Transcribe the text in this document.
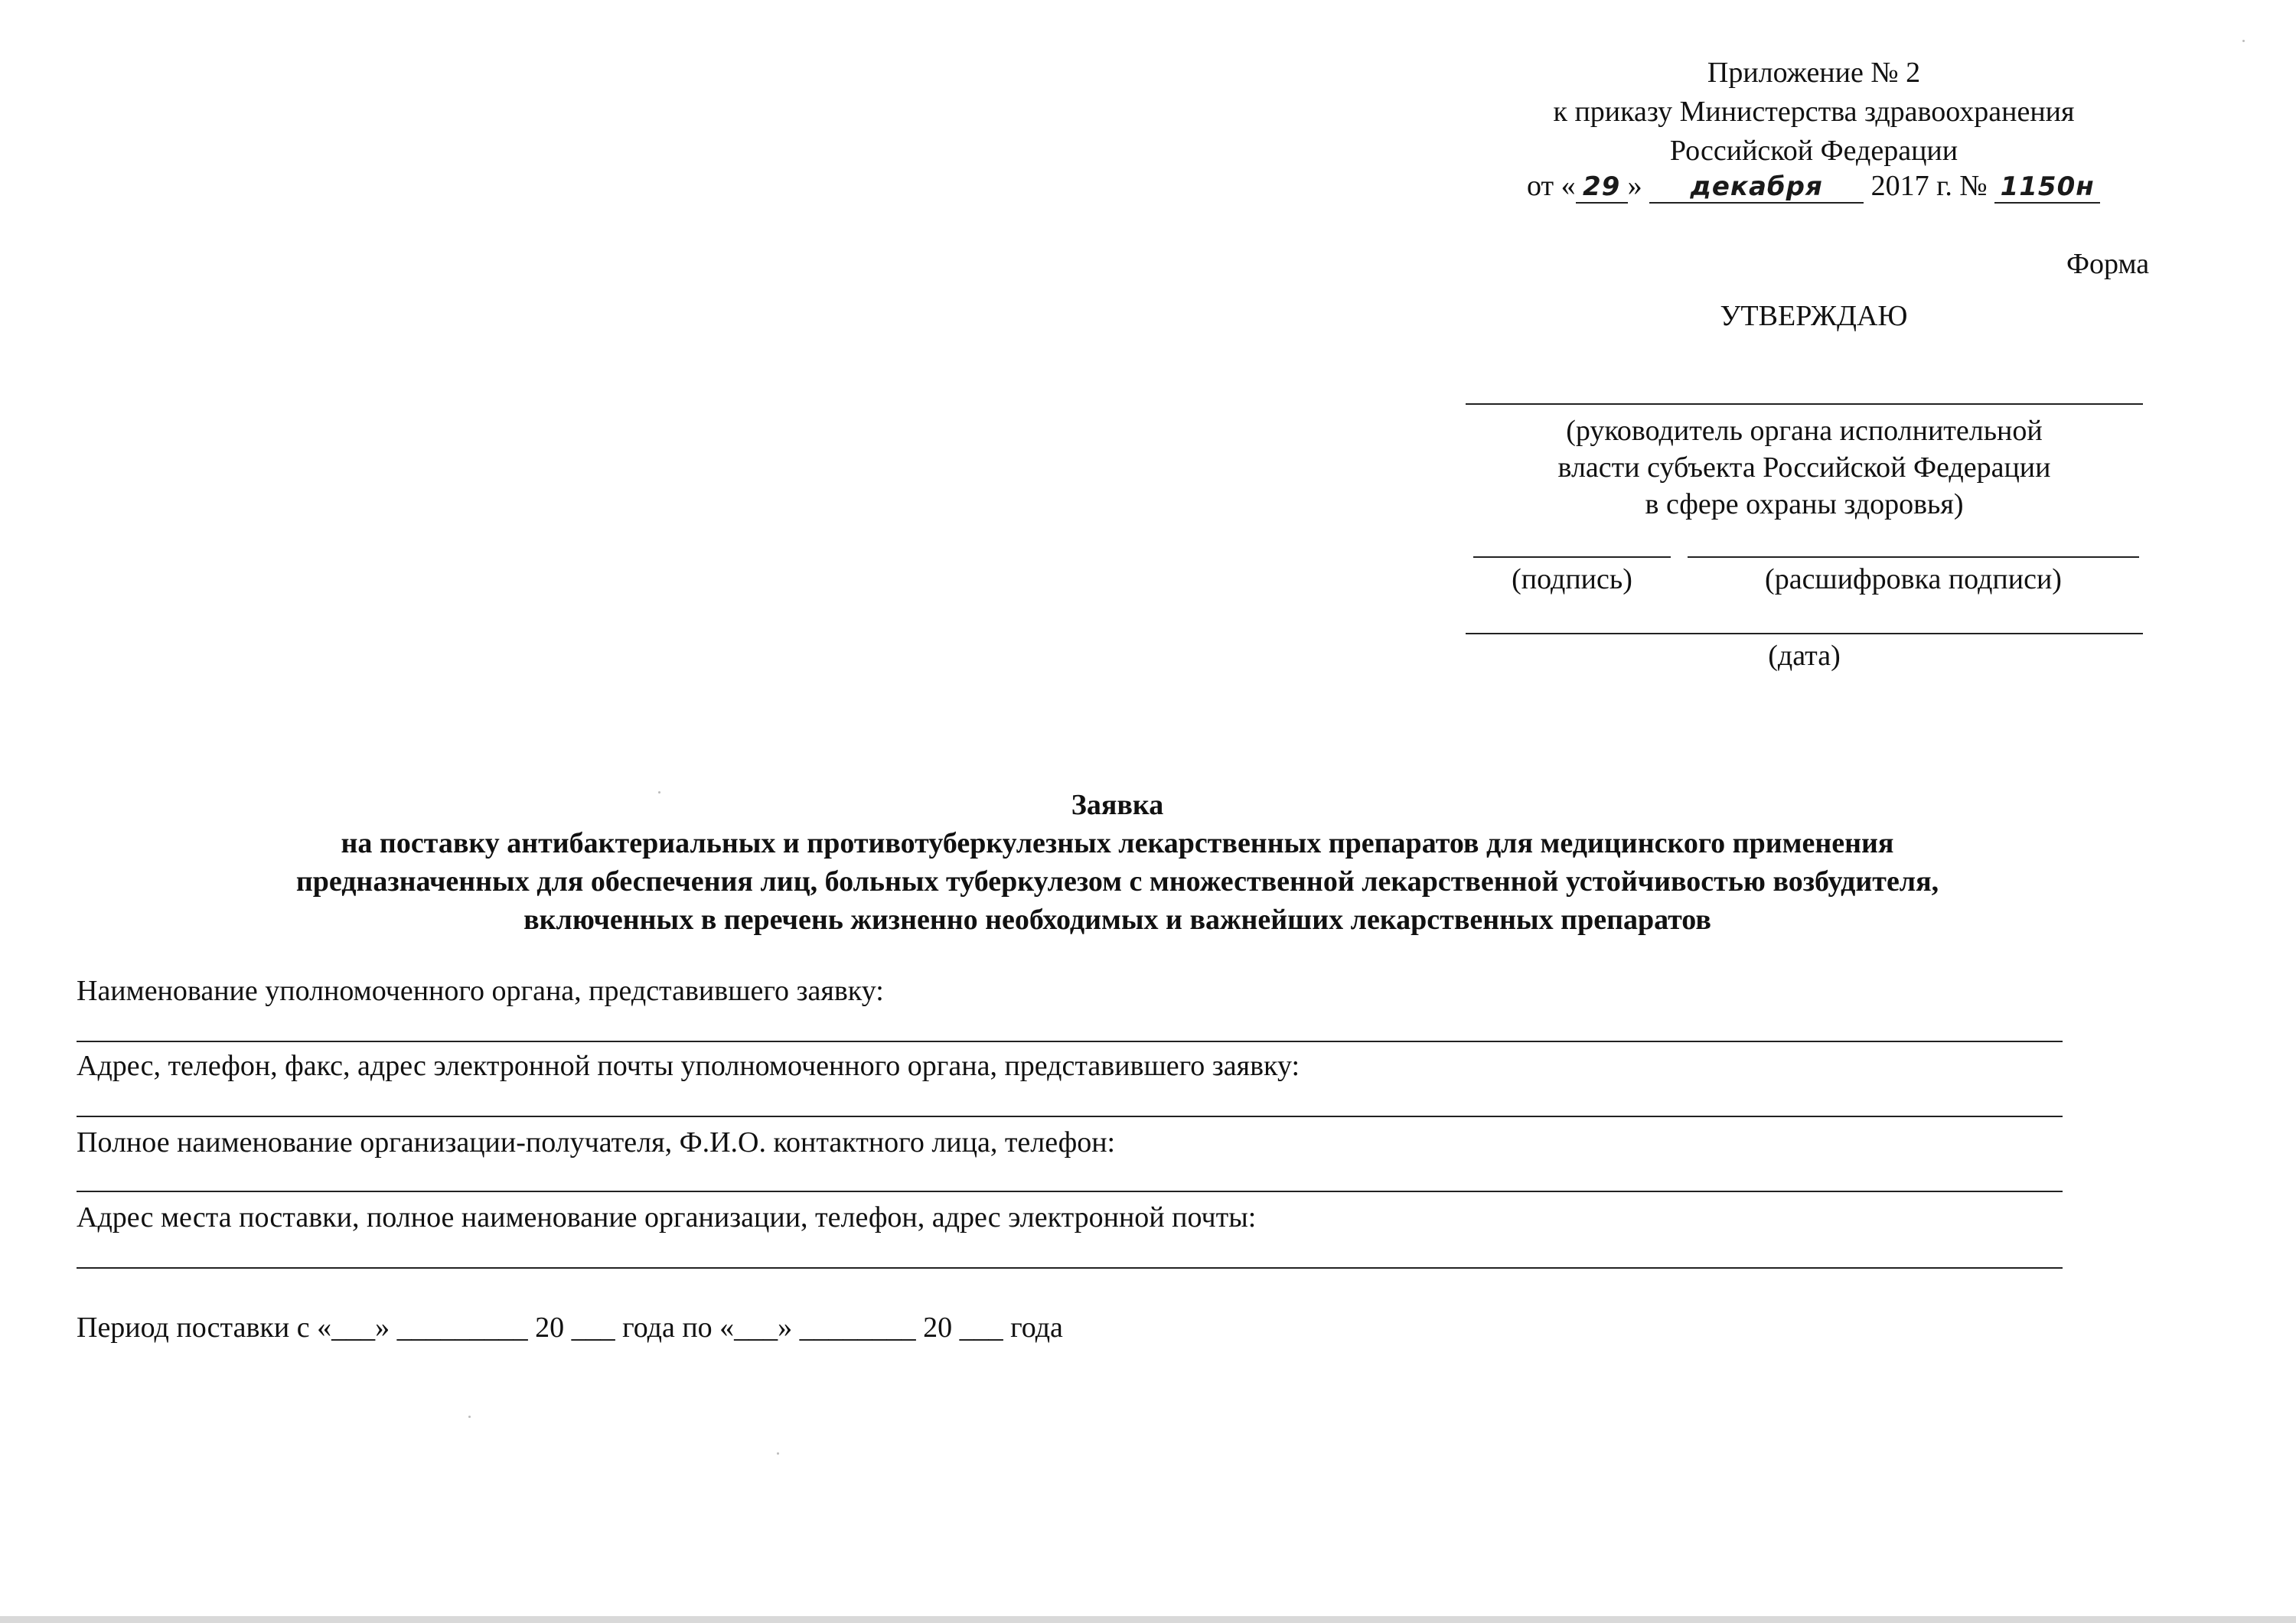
Приложение № 2
к приказу Министерства здравоохранения
Российской Федерации
от « 29 » декабря 2017 г. № 1150н
Форма
УТВЕРЖДАЮ
(руководитель органа исполнительной
власти субъекта Российской Федерации
в сфере охраны здоровья)
(подпись)	(расшифровка подписи)
(дата)
Заявка
на поставку антибактериальных и противотуберкулезных лекарственных препаратов для медицинского применения
предназначенных для обеспечения лиц, больных туберкулезом с множественной лекарственной устойчивостью возбудителя,
включенных в перечень жизненно необходимых и важнейших лекарственных препаратов
Наименование уполномоченного органа, представившего заявку:
Адрес, телефон, факс, адрес электронной почты уполномоченного органа, представившего заявку:
Полное наименование организации-получателя, Ф.И.О. контактного лица, телефон:
Адрес места поставки, полное наименование организации, телефон, адрес электронной почты:
Период поставки с «___» _________ 20 ___ года по «___» ________ 20 ___ года
